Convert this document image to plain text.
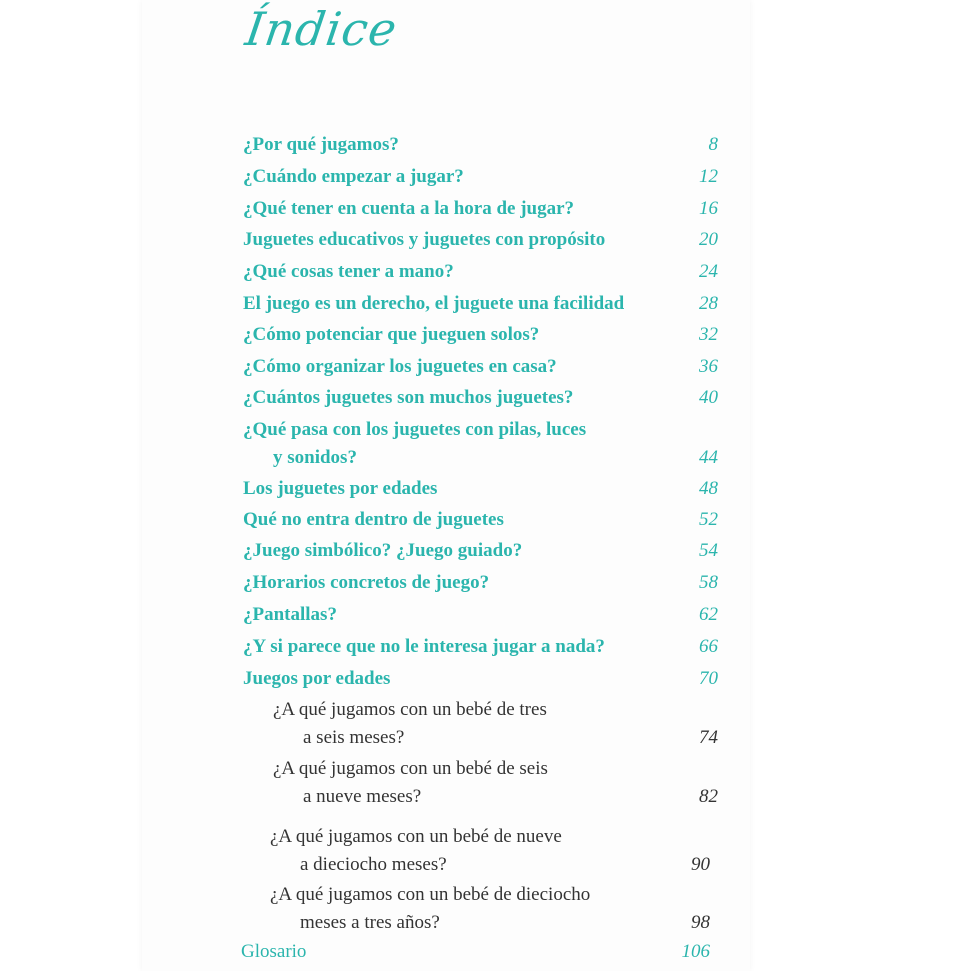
Índice
¿Por qué jugamos?	8
¿Cuándo empezar a jugar?	12
¿Qué tener en cuenta a la hora de jugar?	16
Juguetes educativos y juguetes con propósito	20
¿Qué cosas tener a mano?	24
El juego es un derecho, el juguete una facilidad	28
¿Cómo potenciar que jueguen solos?	32
¿Cómo organizar los juguetes en casa?	36
¿Cuántos juguetes son muchos juguetes?	40
¿Qué pasa con los juguetes con pilas, luces
y sonidos?	44
Los juguetes por edades	48
Qué no entra dentro de juguetes	52
¿Juego simbólico? ¿Juego guiado?	54
¿Horarios concretos de juego?	58
¿Pantallas?	62
¿Y si parece que no le interesa jugar a nada?	66
Juegos por edades	70
¿A qué jugamos con un bebé de tres
a seis meses?	74
¿A qué jugamos con un bebé de seis
a nueve meses?	82
¿A qué jugamos con un bebé de nueve
a dieciocho meses?	90
¿A qué jugamos con un bebé de dieciocho
meses a tres años?	98
Glosario	106
